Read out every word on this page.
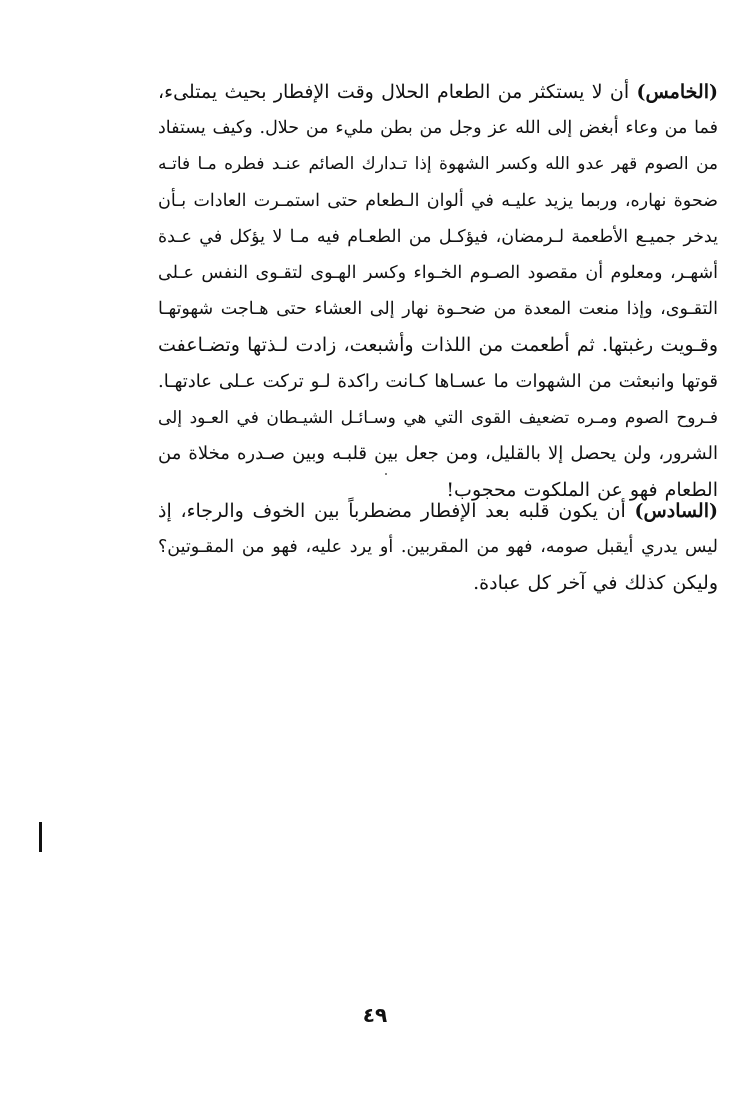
(الخامس) أن لا يستكثر من الطعام الحلال وقت الإفطار بحيث يمتلىء،
فما من وعاء أبغض إلى الله عز وجل من بطن مليء من حلال. وكيف يستفاد
من الصوم قهر عدو الله وكسر الشهوة إذا تـدارك الصائم عنـد فطره مـا فاتـه
ضحوة نهاره، وربما يزيد عليـه في ألوان الـطعام حتى استمـرت العادات بـأن
يدخر جميـع الأطعمة لـرمضان، فيؤكـل من الطعـام فيه مـا لا يؤكل في عـدة
أشهـر، ومعلوم أن مقصود الصـوم الخـواء وكسر الهـوى لتقـوى النفس عـلى
التقـوى، وإذا منعت المعدة من ضحـوة نهار إلى العشاء حتى هـاجت شهوتهـا
وقـويت رغبتها. ثم أطعمت من اللذات وأشبعت، زادت لـذتها وتضـاعفت
قوتها وانبعثت من الشهوات ما عسـاها كـانت راكدة لـو تركت عـلى عادتهـا.
فـروح الصوم ومـره تضعيف القوى التي هي وسـائـل الشيـطان في العـود إلى
الشرور، ولن يحصل إلا بالقليل، ومن جعل بين قلبـه وبين صـدره مخلاة من
الطعام فهو عن الملكوت محجوب!
(السادس) أن يكون قلبه بعد الإفطار مضطرباً بين الخوف والرجاء، إذ
ليس يدري أيقبل صومه، فهو من المقربين. أو يرد عليه، فهو من المقـوتين؟
وليكن كذلك في آخر كل عبادة.
٤٩
